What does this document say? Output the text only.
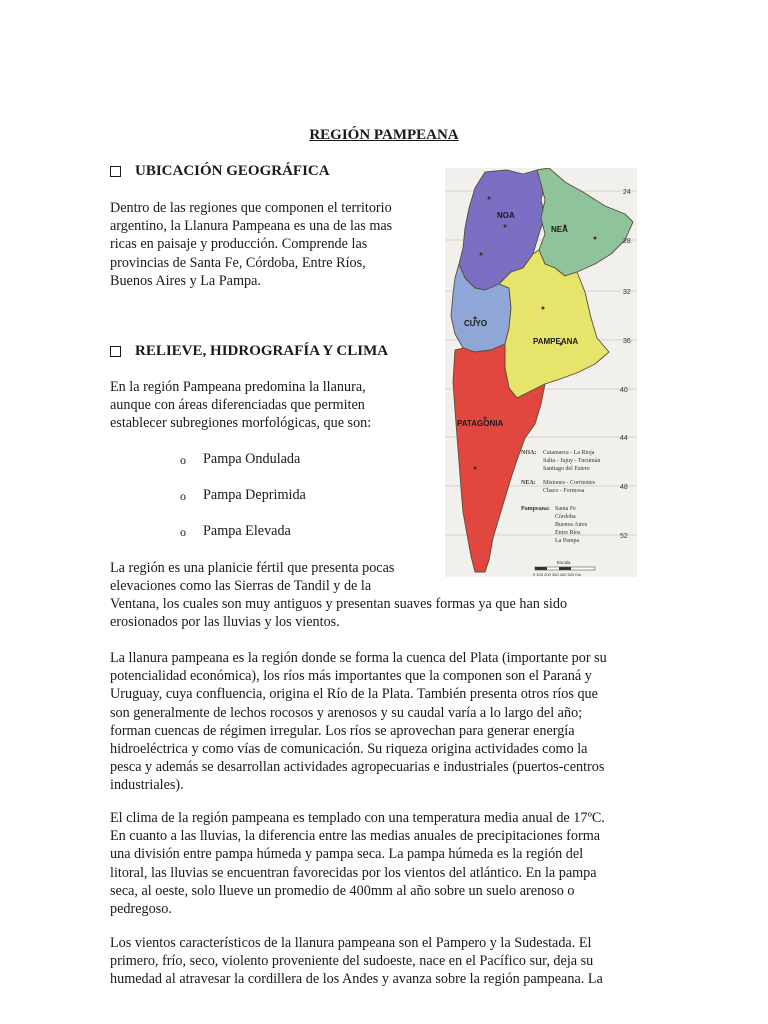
REGIÓN PAMPEANA
UBICACIÓN GEOGRÁFICA
Dentro de las regiones que componen el territorio
argentino, la Llanura Pampeana es una de las mas
ricas en paisaje y producción. Comprende las
provincias de Santa Fe, Córdoba, Entre Ríos,
Buenos Aires y La Pampa.
RELIEVE, HIDROGRAFÍA Y CLIMA
En la región Pampeana predomina la llanura,
aunque con áreas diferenciadas que permiten
establecer subregiones morfológicas, que son:
o	Pampa Ondulada
o	Pampa Deprimida
o	Pampa Elevada
La región es una planicie fértil que presenta pocas
elevaciones como las Sierras de Tandil y de la
Ventana, los cuales son muy antiguos y presentan suaves formas ya que han sido
erosionados por las lluvias y los vientos.
La llanura pampeana es la región donde se forma la cuenca del Plata (importante por su
potencialidad económica), los ríos más importantes que la componen son el Paraná y
Uruguay, cuya confluencia, origina el Río de la Plata. También presenta otros ríos que
son generalmente de lechos rocosos y arenosos y su caudal varía a lo largo del año;
forman cuencas de régimen irregular. Los ríos se aprovechan para generar energía
hidroeléctrica y como vías de comunicación. Su riqueza origina actividades como la
pesca y además se desarrollan actividades agropecuarias e industriales (puertos-centros
industriales).
El clima de la región pampeana es templado con una temperatura media anual de 17ºC.
En cuanto a las lluvias, la diferencia entre las medias anuales de precipitaciones forma
una división entre pampa húmeda y pampa seca. La pampa húmeda es la región del
litoral, las lluvias se encuentran favorecidas por los vientos del atlántico. En la pampa
seca, al oeste, solo llueve un promedio de 400mm al año sobre un suelo arenoso o
pedregoso.
Los vientos característicos de la llanura pampeana son el Pampero y la Sudestada. El
primero, frío, seco, violento proveniente del sudoeste, nace en el Pacífico sur, deja su
humedad al atravesar la cordillera de los Andes y avanza sobre la región pampeana. La
NOA
NEA
CUYO
PAMPEANA
PATAGONIA
24
28
32
36
40
44
48
52
NOA: Catamarca - La Rioja
Salta - Jujuy - Tucumán
Santiago del Estero
NEA: Misiones - Corrientes
Chaco - Formosa
Pampeana: Santa Fe
Córdoba
Buenos Aires
Entre Ríos
La Pampa
Escala
0 100 200 300 400 500 Km
